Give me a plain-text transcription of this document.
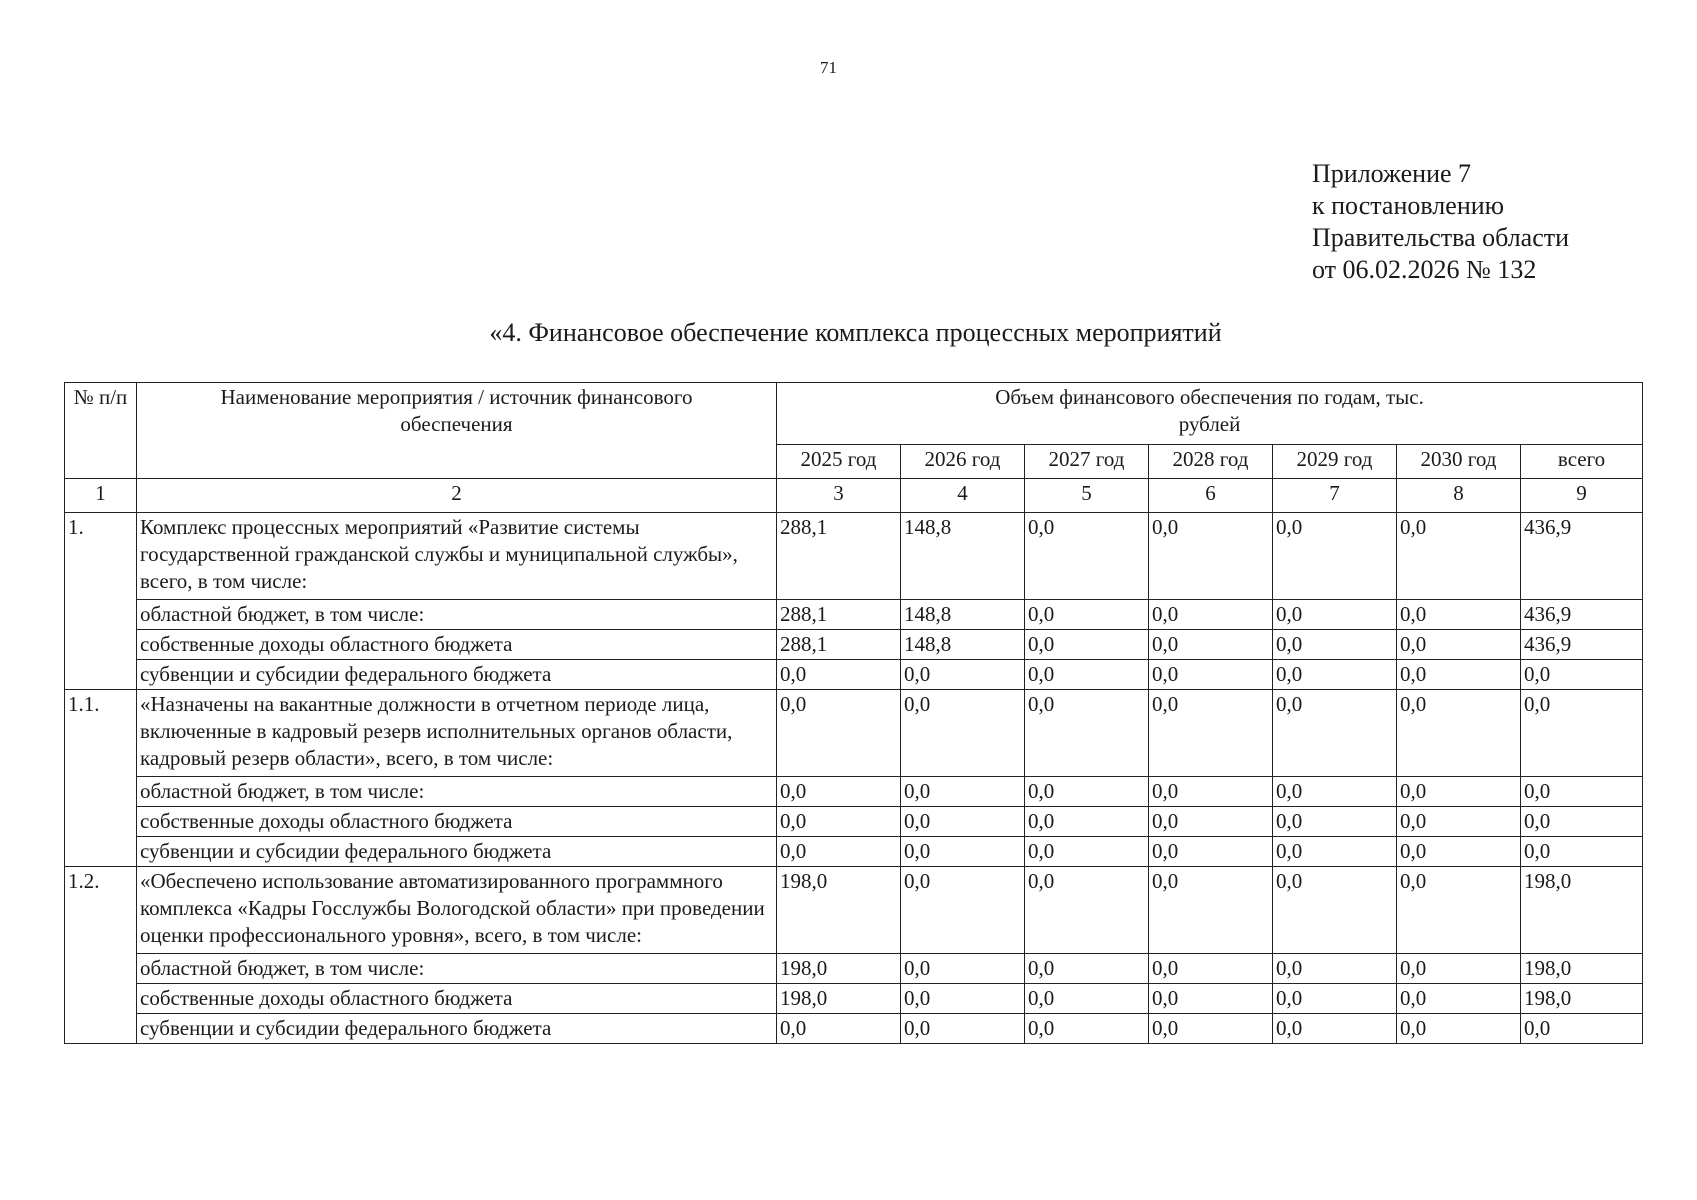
71
Приложение 7
к постановлению
Правительства области
от 06.02.2026 № 132
«4. Финансовое обеспечение комплекса процессных мероприятий
№ п/п	Наименование мероприятия / источник финансового обеспечения	Объем финансового обеспечения по годам, тыс. рублей						
		2025 год	2026 год	2027 год	2028 год	2029 год	2030 год	всего
1	2	3	4	5	6	7	8	9
1.	Комплекс процессных мероприятий «Развитие системы государственной гражданской службы и муниципальной службы», всего, в том числе:	288,1	148,8	0,0	0,0	0,0	0,0	436,9
	областной бюджет, в том числе:	288,1	148,8	0,0	0,0	0,0	0,0	436,9
	собственные доходы областного бюджета	288,1	148,8	0,0	0,0	0,0	0,0	436,9
	субвенции и субсидии федерального бюджета	0,0	0,0	0,0	0,0	0,0	0,0	0,0
1.1.	«Назначены на вакантные должности в отчетном периоде лица, включенные в кадровый резерв исполнительных органов области, кадровый резерв области», всего, в том числе:	0,0	0,0	0,0	0,0	0,0	0,0	0,0
	областной бюджет, в том числе:	0,0	0,0	0,0	0,0	0,0	0,0	0,0
	собственные доходы областного бюджета	0,0	0,0	0,0	0,0	0,0	0,0	0,0
	субвенции и субсидии федерального бюджета	0,0	0,0	0,0	0,0	0,0	0,0	0,0
1.2.	«Обеспечено использование автоматизированного программного комплекса «Кадры Госслужбы Вологодской области» при проведении оценки профессионального уровня», всего, в том числе:	198,0	0,0	0,0	0,0	0,0	0,0	198,0
	областной бюджет, в том числе:	198,0	0,0	0,0	0,0	0,0	0,0	198,0
	собственные доходы областного бюджета	198,0	0,0	0,0	0,0	0,0	0,0	198,0
	субвенции и субсидии федерального бюджета	0,0	0,0	0,0	0,0	0,0	0,0	0,0
